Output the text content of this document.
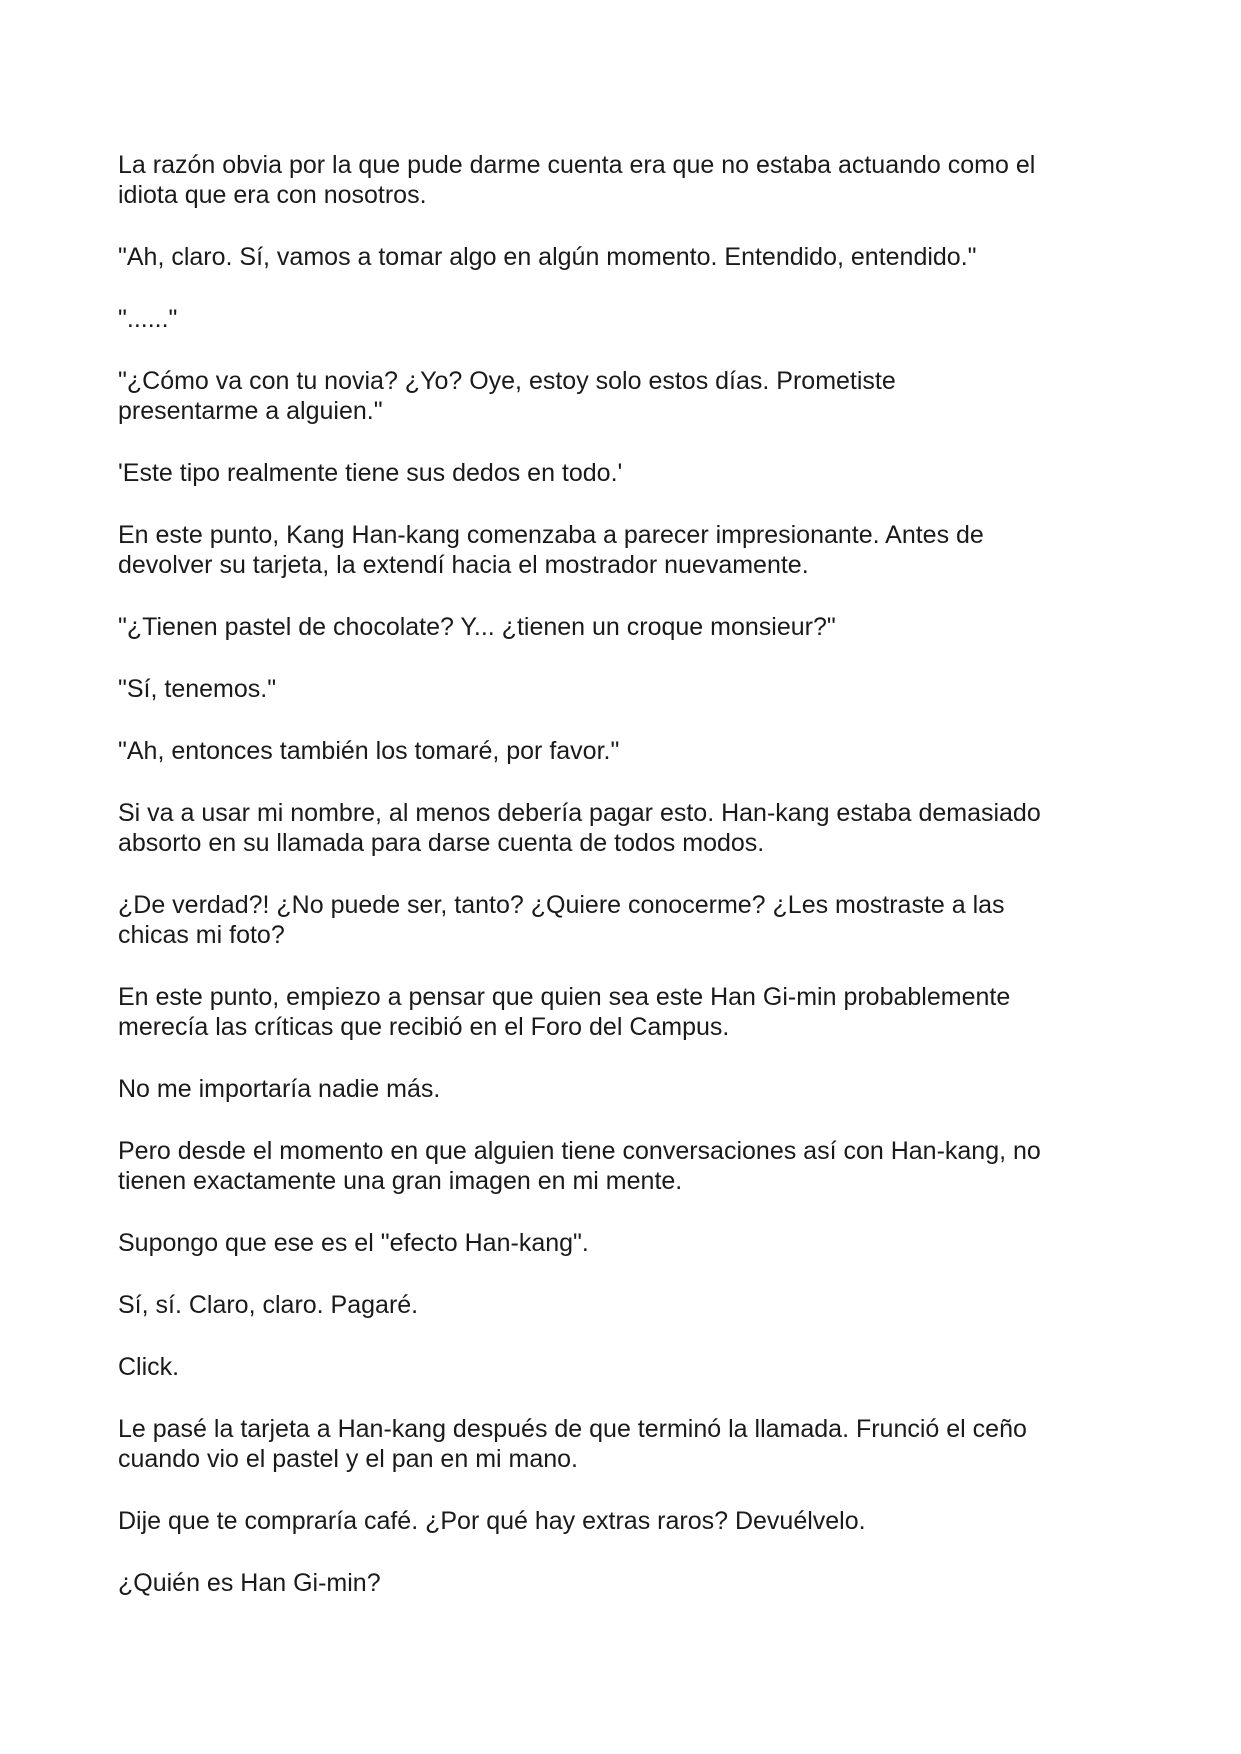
La razón obvia por la que pude darme cuenta era que no estaba actuando como el
idiota que era con nosotros.

"Ah, claro. Sí, vamos a tomar algo en algún momento. Entendido, entendido."

"......"

"¿Cómo va con tu novia? ¿Yo? Oye, estoy solo estos días. Prometiste
presentarme a alguien."

'Este tipo realmente tiene sus dedos en todo.'

En este punto, Kang Han-kang comenzaba a parecer impresionante. Antes de
devolver su tarjeta, la extendí hacia el mostrador nuevamente.

"¿Tienen pastel de chocolate? Y... ¿tienen un croque monsieur?"

"Sí, tenemos."

"Ah, entonces también los tomaré, por favor."

Si va a usar mi nombre, al menos debería pagar esto. Han-kang estaba demasiado
absorto en su llamada para darse cuenta de todos modos.

¿De verdad?! ¿No puede ser, tanto? ¿Quiere conocerme? ¿Les mostraste a las
chicas mi foto?

En este punto, empiezo a pensar que quien sea este Han Gi-min probablemente
merecía las críticas que recibió en el Foro del Campus.

No me importaría nadie más.

Pero desde el momento en que alguien tiene conversaciones así con Han-kang, no
tienen exactamente una gran imagen en mi mente.

Supongo que ese es el "efecto Han-kang".

Sí, sí. Claro, claro. Pagaré.

Click.

Le pasé la tarjeta a Han-kang después de que terminó la llamada. Frunció el ceño
cuando vio el pastel y el pan en mi mano.

Dije que te compraría café. ¿Por qué hay extras raros? Devuélvelo.

¿Quién es Han Gi-min?
